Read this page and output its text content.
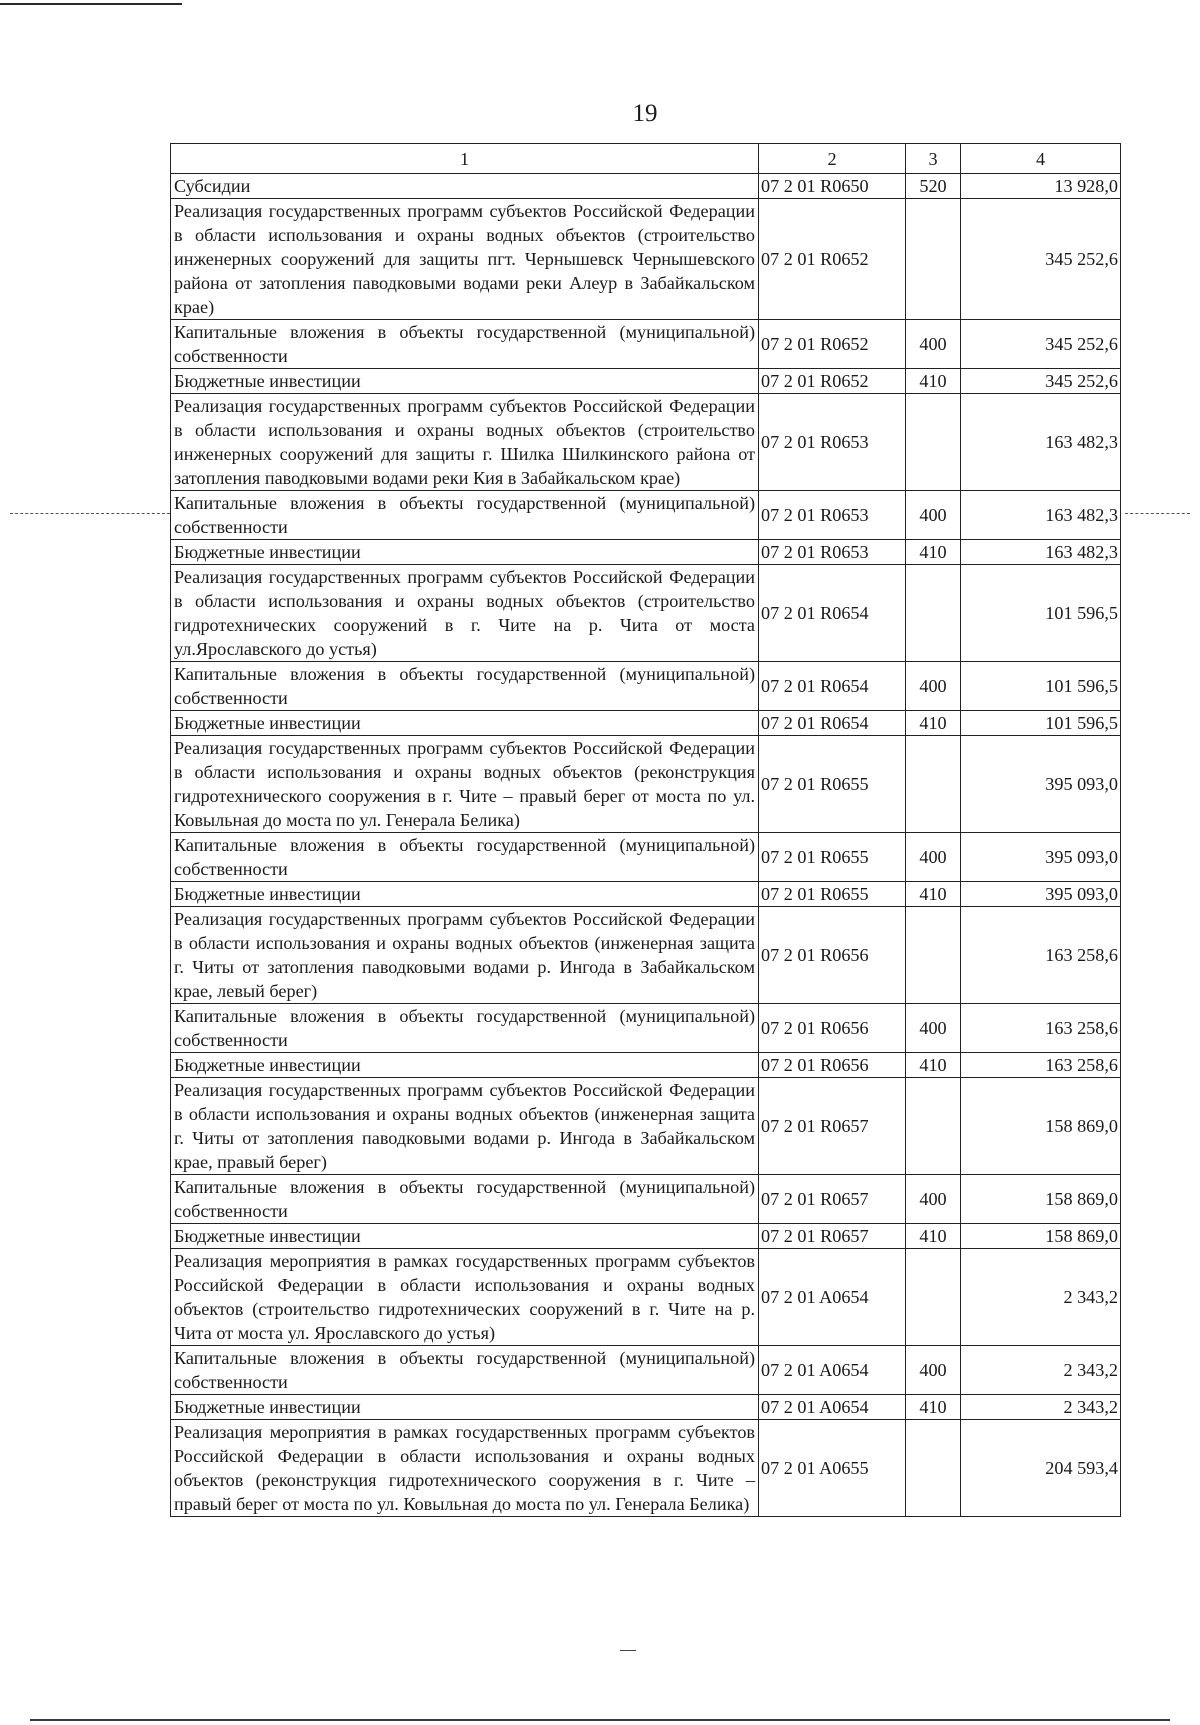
19
1	2	3	4
Субсидии	07 2 01 R0650	520	13 928,0
Реализация государственных программ субъектов Российской Федерации в области использования и охраны водных объектов (строительство инженерных сооружений для защиты пгт. Чернышевск Чернышевского района от затопления паводковыми водами реки Алеур в Забайкальском крае)	07 2 01 R0652		345 252,6
Капитальные вложения в объекты государственной (муниципальной) собственности	07 2 01 R0652	400	345 252,6
Бюджетные инвестиции	07 2 01 R0652	410	345 252,6
Реализация государственных программ субъектов Российской Федерации в области использования и охраны водных объектов (строительство инженерных сооружений для защиты г. Шилка Шилкинского района от затопления паводковыми водами реки Кия в Забайкальском крае)	07 2 01 R0653		163 482,3
Капитальные вложения в объекты государственной (муниципальной) собственности	07 2 01 R0653	400	163 482,3
Бюджетные инвестиции	07 2 01 R0653	410	163 482,3
Реализация государственных программ субъектов Российской Федерации в области использования и охраны водных объектов (строительство гидротехнических сооружений в г. Чите на р. Чита от моста ул.Ярославского до устья)	07 2 01 R0654		101 596,5
Капитальные вложения в объекты государственной (муниципальной) собственности	07 2 01 R0654	400	101 596,5
Бюджетные инвестиции	07 2 01 R0654	410	101 596,5
Реализация государственных программ субъектов Российской Федерации в области использования и охраны водных объектов (реконструкция гидротехнического сооружения в г. Чите – правый берег от моста по ул. Ковыльная до моста по ул. Генерала Белика)	07 2 01 R0655		395 093,0
Капитальные вложения в объекты государственной (муниципальной) собственности	07 2 01 R0655	400	395 093,0
Бюджетные инвестиции	07 2 01 R0655	410	395 093,0
Реализация государственных программ субъектов Российской Федерации в области использования и охраны водных объектов (инженерная защита г. Читы от затопления паводковыми водами р. Ингода в Забайкальском крае, левый берег)	07 2 01 R0656		163 258,6
Капитальные вложения в объекты государственной (муниципальной) собственности	07 2 01 R0656	400	163 258,6
Бюджетные инвестиции	07 2 01 R0656	410	163 258,6
Реализация государственных программ субъектов Российской Федерации в области использования и охраны водных объектов (инженерная защита г. Читы от затопления паводковыми водами р. Ингода в Забайкальском крае, правый берег)	07 2 01 R0657		158 869,0
Капитальные вложения в объекты государственной (муниципальной) собственности	07 2 01 R0657	400	158 869,0
Бюджетные инвестиции	07 2 01 R0657	410	158 869,0
Реализация мероприятия в рамках государственных программ субъектов Российской Федерации в области использования и охраны водных объектов (строительство гидротехнических сооружений в г. Чите на р. Чита от моста ул. Ярославского до устья)	07 2 01 A0654		2 343,2
Капитальные вложения в объекты государственной (муниципальной) собственности	07 2 01 A0654	400	2 343,2
Бюджетные инвестиции	07 2 01 A0654	410	2 343,2
Реализация мероприятия в рамках государственных программ субъектов Российской Федерации в области использования и охраны водных объектов (реконструкция гидротехнического сооружения в г. Чите – правый берег от моста по ул. Ковыльная до моста по ул. Генерала Белика)	07 2 01 A0655		204 593,4
